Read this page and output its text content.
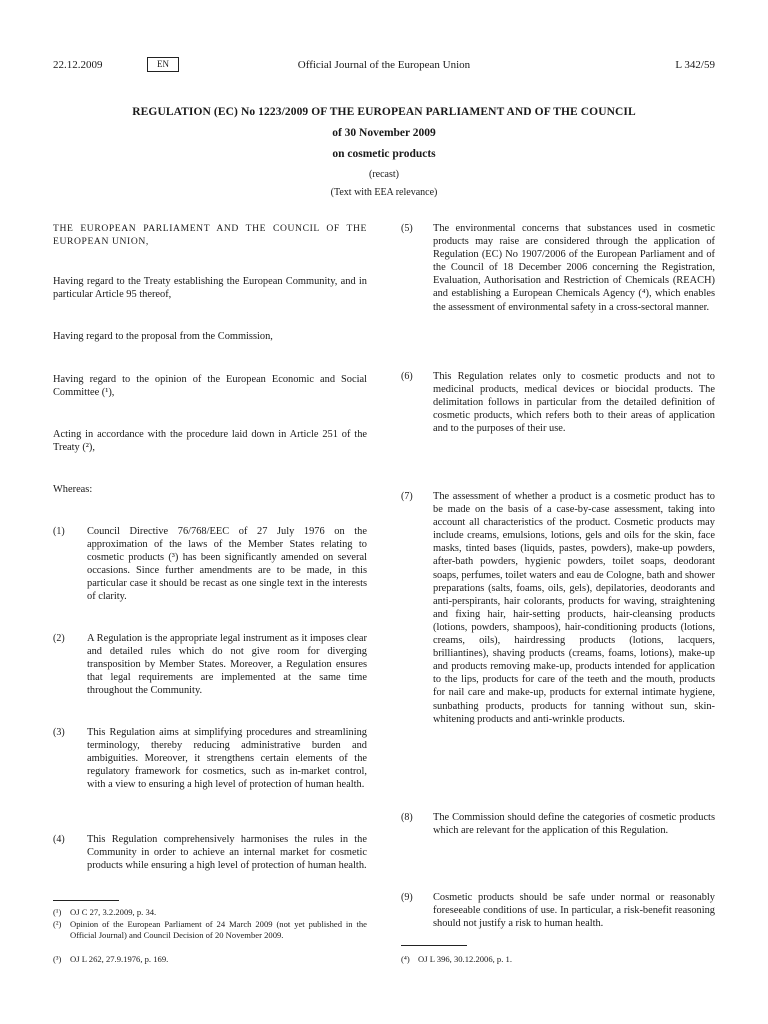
22.12.2009	EN	Official Journal of the European Union	L 342/59
REGULATION (EC) No 1223/2009 OF THE EUROPEAN PARLIAMENT AND OF THE COUNCIL
of 30 November 2009
on cosmetic products
(recast)
(Text with EEA relevance)
THE EUROPEAN PARLIAMENT AND THE COUNCIL OF THE EUROPEAN UNION,
Having regard to the Treaty establishing the European Community, and in particular Article 95 thereof,
Having regard to the proposal from the Commission,
Having regard to the opinion of the European Economic and Social Committee (¹),
Acting in accordance with the procedure laid down in Article 251 of the Treaty (²),
Whereas:
(1) Council Directive 76/768/EEC of 27 July 1976 on the approximation of the laws of the Member States relating to cosmetic products (³) has been significantly amended on several occasions. Since further amendments are to be made, in this particular case it should be recast as one single text in the interests of clarity.
(2) A Regulation is the appropriate legal instrument as it imposes clear and detailed rules which do not give room for diverging transposition by Member States. Moreover, a Regulation ensures that legal requirements are implemented at the same time throughout the Community.
(3) This Regulation aims at simplifying procedures and streamlining terminology, thereby reducing administrative burden and ambiguities. Moreover, it strengthens certain elements of the regulatory framework for cosmetics, such as in-market control, with a view to ensuring a high level of protection of human health.
(4) This Regulation comprehensively harmonises the rules in the Community in order to achieve an internal market for cosmetic products while ensuring a high level of protection of human health.
(¹) OJ C 27, 3.2.2009, p. 34.
(²) Opinion of the European Parliament of 24 March 2009 (not yet published in the Official Journal) and Council Decision of 20 November 2009.
(³) OJ L 262, 27.9.1976, p. 169.
(5) The environmental concerns that substances used in cosmetic products may raise are considered through the application of Regulation (EC) No 1907/2006 of the European Parliament and of the Council of 18 December 2006 concerning the Registration, Evaluation, Authorisation and Restriction of Chemicals (REACH) and establishing a European Chemicals Agency (⁴), which enables the assessment of environmental safety in a cross-sectoral manner.
(6) This Regulation relates only to cosmetic products and not to medicinal products, medical devices or biocidal products. The delimitation follows in particular from the detailed definition of cosmetic products, which refers both to their areas of application and to the purposes of their use.
(7) The assessment of whether a product is a cosmetic product has to be made on the basis of a case-by-case assessment, taking into account all characteristics of the product. Cosmetic products may include creams, emulsions, lotions, gels and oils for the skin, face masks, tinted bases (liquids, pastes, powders), make-up powders, after-bath powders, hygienic powders, toilet soaps, deodorant soaps, perfumes, toilet waters and eau de Cologne, bath and shower preparations (salts, foams, oils, gels), depilatories, deodorants and anti-perspirants, hair colorants, products for waving, straightening and fixing hair, hair-setting products, hair-cleansing products (lotions, powders, shampoos), hair-conditioning products (lotions, creams, oils), hairdressing products (lotions, lacquers, brilliantines), shaving products (creams, foams, lotions), make-up and products removing make-up, products intended for application to the lips, products for care of the teeth and the mouth, products for nail care and make-up, products for external intimate hygiene, sunbathing products, products for tanning without sun, skin-whitening products and anti-wrinkle products.
(8) The Commission should define the categories of cosmetic products which are relevant for the application of this Regulation.
(9) Cosmetic products should be safe under normal or reasonably foreseeable conditions of use. In particular, a risk-benefit reasoning should not justify a risk to human health.
(⁴) OJ L 396, 30.12.2006, p. 1.
